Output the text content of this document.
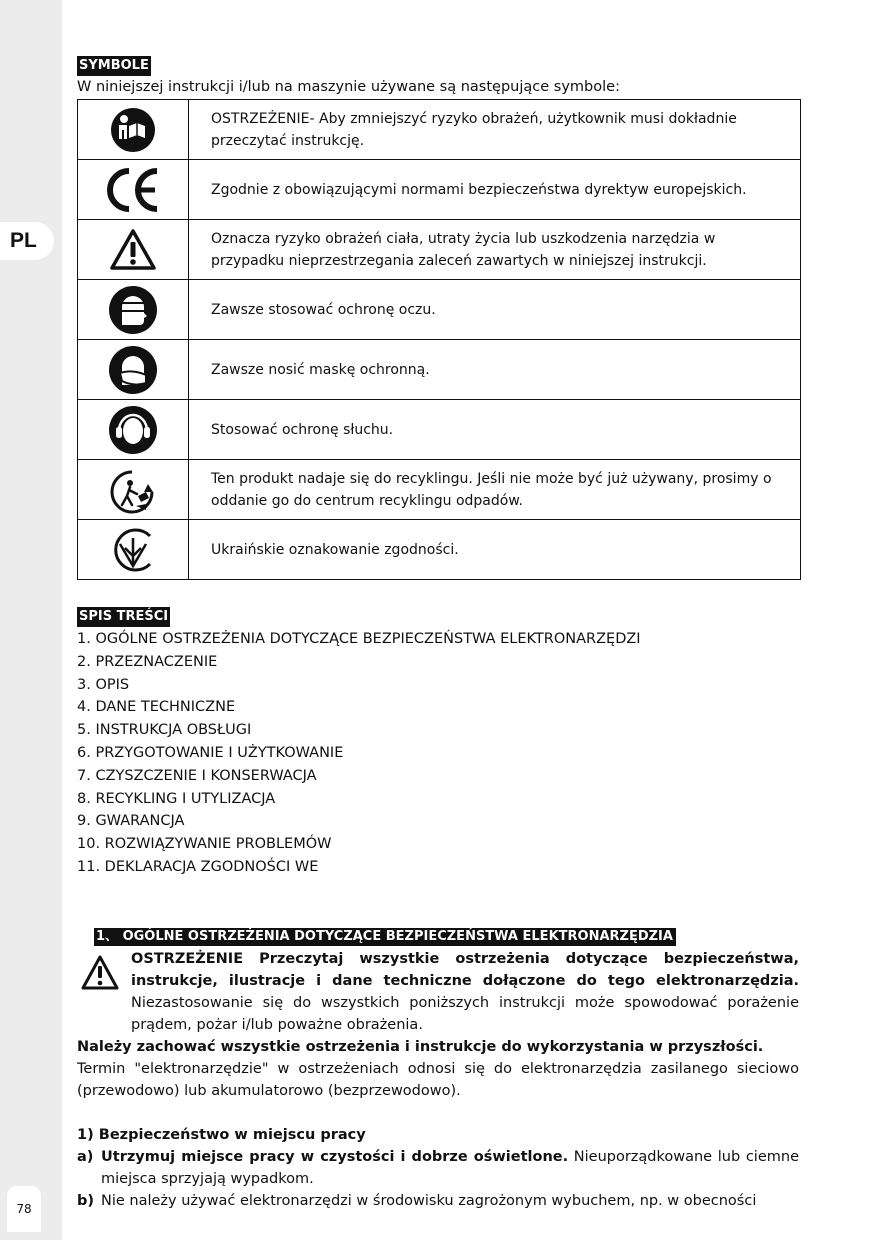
PL
78
SYMBOLE
W niniejszej instrukcji i/lub na maszynie używane są następujące symbole:
	OSTRZEŻENIE- Aby zmniejszyć ryzyko obrażeń, użytkownik musi dokładnie przeczytać instrukcję.

	Zgodnie z obowiązującymi normami bezpieczeństwa dyrektyw europejskich.

	Oznacza ryzyko obrażeń ciała, utraty życia lub uszkodzenia narzędzia w przypadku nieprzestrzegania zaleceń zawartych w niniejszej instrukcji.

	Zawsze stosować ochronę oczu.

	Zawsze nosić maskę ochronną.

	Stosować ochronę słuchu.

	Ten produkt nadaje się do recyklingu. Jeśli nie może być już używany, prosimy o oddanie go do centrum recyklingu odpadów.

	Ukraińskie oznakowanie zgodności.
SPIS TREŚCI
1. OGÓLNE OSTRZEŻENIA DOTYCZĄCE BEZPIECZEŃSTWA ELEKTRONARZĘDZI
2. PRZEZNACZENIE
3. OPIS
4. DANE TECHNICZNE
5. INSTRUKCJA OBSŁUGI
6. PRZYGOTOWANIE I UŻYTKOWANIE
7. CZYSZCZENIE I KONSERWACJA
8. RECYKLING I UTYLIZACJA
9. GWARANCJA
10. ROZWIĄZYWANIE PROBLEMÓW
11. DEKLARACJA ZGODNOŚCI WE
1、 OGÓLNE OSTRZEŻENIA DOTYCZĄCE BEZPIECZEŃSTWA ELEKTRONARZĘDZIA
OSTRZEŻENIE Przeczytaj wszystkie ostrzeżenia dotyczące bezpieczeństwa, instrukcje, ilustracje i dane techniczne dołączone do tego elektronarzędzia. Niezastosowanie się do wszystkich poniższych instrukcji może spowodować porażenie prądem, pożar i/lub poważne obrażenia.
Należy zachować wszystkie ostrzeżenia i instrukcje do wykorzystania w przyszłości.
Termin "elektronarzędzie" w ostrzeżeniach odnosi się do elektronarzędzia zasilanego sieciowo (przewodowo) lub akumulatorowo (bezprzewodowo).
1) Bezpieczeństwo w miejscu pracy
a) Utrzymuj miejsce pracy w czystości i dobrze oświetlone. Nieuporządkowane lub ciemne miejsca sprzyjają wypadkom.
b) Nie należy używać elektronarzędzi w środowisku zagrożonym wybuchem, np. w obecności
